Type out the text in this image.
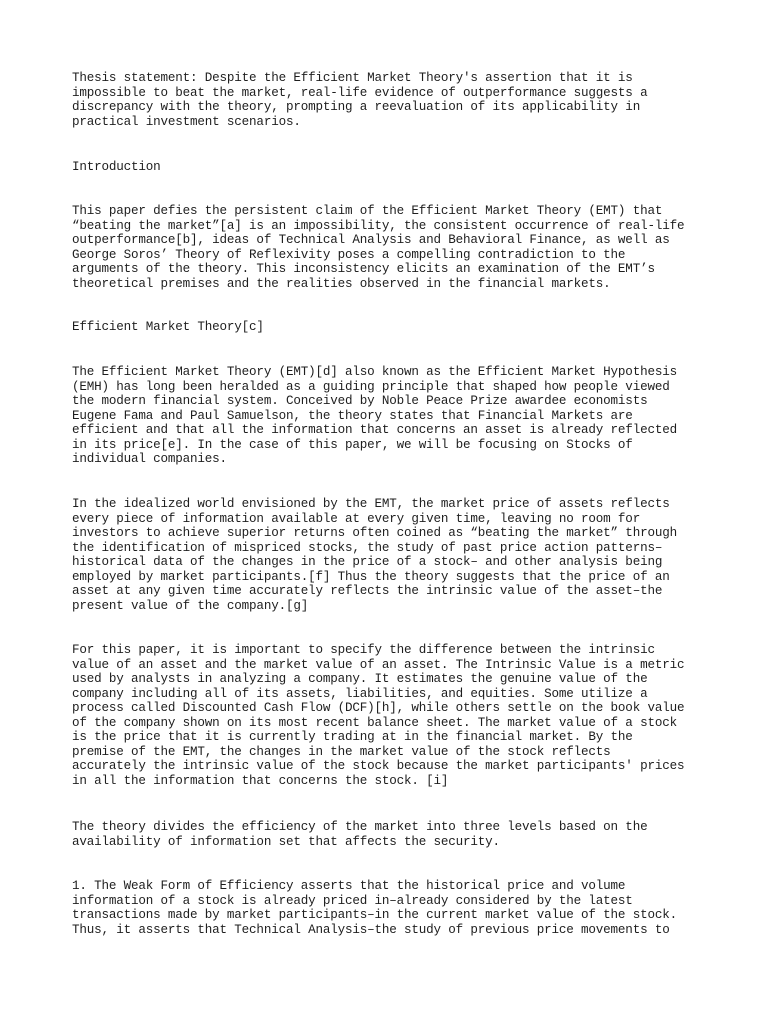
Thesis statement: Despite the Efficient Market Theory's assertion that it is
impossible to beat the market, real-life evidence of outperformance suggests a
discrepancy with the theory, prompting a reevaluation of its applicability in
practical investment scenarios.

Introduction

This paper defies the persistent claim of the Efficient Market Theory (EMT) that
“beating the market”[a] is an impossibility, the consistent occurrence of real-life
outperformance[b], ideas of Technical Analysis and Behavioral Finance, as well as
George Soros’ Theory of Reflexivity poses a compelling contradiction to the
arguments of the theory. This inconsistency elicits an examination of the EMT’s
theoretical premises and the realities observed in the financial markets.

Efficient Market Theory[c]

The Efficient Market Theory (EMT)[d] also known as the Efficient Market Hypothesis
(EMH) has long been heralded as a guiding principle that shaped how people viewed
the modern financial system. Conceived by Noble Peace Prize awardee economists
Eugene Fama and Paul Samuelson, the theory states that Financial Markets are
efficient and that all the information that concerns an asset is already reflected
in its price[e]. In the case of this paper, we will be focusing on Stocks of
individual companies.

In the idealized world envisioned by the EMT, the market price of assets reflects
every piece of information available at every given time, leaving no room for
investors to achieve superior returns often coined as “beating the market” through
the identification of mispriced stocks, the study of past price action patterns–
historical data of the changes in the price of a stock– and other analysis being
employed by market participants.[f] Thus the theory suggests that the price of an
asset at any given time accurately reflects the intrinsic value of the asset–the
present value of the company.[g]

For this paper, it is important to specify the difference between the intrinsic
value of an asset and the market value of an asset. The Intrinsic Value is a metric
used by analysts in analyzing a company. It estimates the genuine value of the
company including all of its assets, liabilities, and equities. Some utilize a
process called Discounted Cash Flow (DCF)[h], while others settle on the book value
of the company shown on its most recent balance sheet. The market value of a stock
is the price that it is currently trading at in the financial market. By the
premise of the EMT, the changes in the market value of the stock reflects
accurately the intrinsic value of the stock because the market participants' prices
in all the information that concerns the stock. [i]

The theory divides the efficiency of the market into three levels based on the
availability of information set that affects the security.

1. The Weak Form of Efficiency asserts that the historical price and volume
information of a stock is already priced in–already considered by the latest
transactions made by market participants–in the current market value of the stock.
Thus, it asserts that Technical Analysis–the study of previous price movements to
